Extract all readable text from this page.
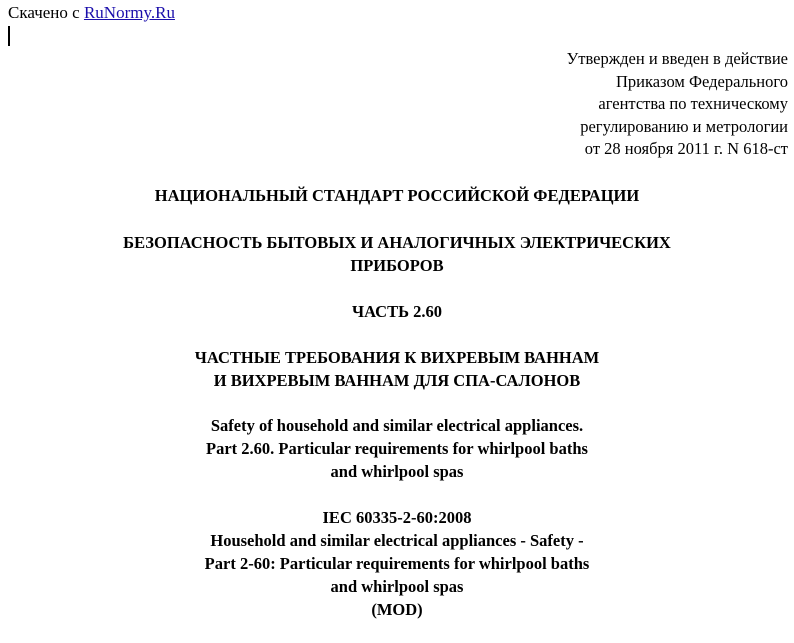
Скачено с RuNormy.Ru
Утвержден и введен в действие
Приказом Федерального
агентства по техническому
регулированию и метрологии
от 28 ноября 2011 г. N 618-ст
НАЦИОНАЛЬНЫЙ СТАНДАРТ РОССИЙСКОЙ ФЕДЕРАЦИИ
БЕЗОПАСНОСТЬ БЫТОВЫХ И АНАЛОГИЧНЫХ ЭЛЕКТРИЧЕСКИХ
ПРИБОРОВ
ЧАСТЬ 2.60
ЧАСТНЫЕ ТРЕБОВАНИЯ К ВИХРЕВЫМ ВАННАМ
И ВИХРЕВЫМ ВАННАМ ДЛЯ СПА-САЛОНОВ
Safety of household and similar electrical appliances.
Part 2.60. Particular requirements for whirlpool baths
and whirlpool spas
IEC 60335-2-60:2008
Household and similar electrical appliances - Safety -
Part 2-60: Particular requirements for whirlpool baths
and whirlpool spas
(MOD)
